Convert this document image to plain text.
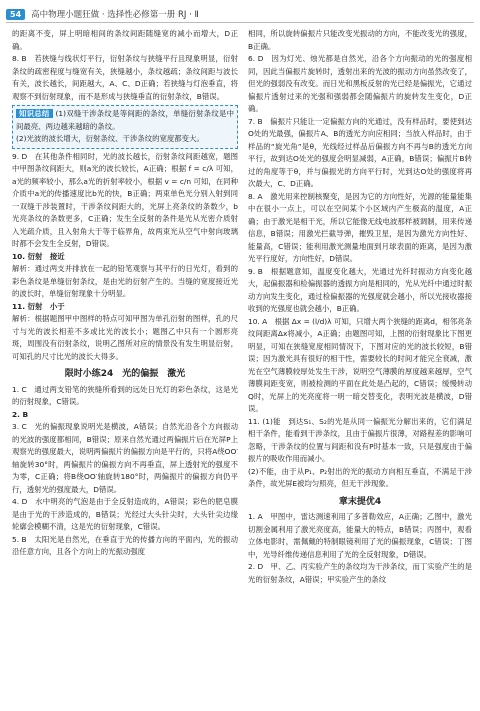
54	高中物理小题狂做 · 选择性必修第一册 RJ · Ⅱ

的距离不变，屏上明暗相间的条纹间距随缝宽的减小而增大，D正确。

8. B　若狭缝与线状灯平行，衍射条纹与狭缝平行且现象明显，衍射条纹的疏密程度与缝宽有关，狭缝越小，条纹越疏；条纹间距与波长有关，波长越长，间距越大，A、C、D正确；若狭缝与灯泡垂直，将观察不到衍射现象，而不是形成与狭缝垂直的衍射条纹，B错误。

知识总结 (1)双缝干涉条纹是等间距的条纹，单缝衍射条纹是中间最亮、两边越来越暗的条纹。
(2)光波的波长增大，衍射条纹、干涉条纹的宽度都变大。

9. D　在其他条件相同时，光的波长越长，衍射条纹间距越宽，题图中甲图条纹间距大，则a光的波长较长，A正确；根据 f = c/λ 可知，a光的频率较小，那么a光的折射率较小，根据 v = c/n 可知，在同种介质中a光的传播速度比b光的快，B正确；两束单色光分别入射到同一双缝干涉装置时，干涉条纹间距大的，光屏上亮条纹的条数少，b光亮条纹的条数更多，C正确；发生全反射的条件是光从光密介质射入光疏介质，且入射角大于等于临界角，故两束光从空气中射向玻璃时都不会发生全反射，D错误。

10. 衍射　接近

解析：通过两支并排放在一起的铅笔观察与其平行的日光灯，看到的彩色条纹是单缝衍射条纹，是由光的衍射产生的。当缝的宽度接近光的波长时，单缝衍射现象十分明显。

11. 衍射　小于

解析：根据题图甲中图样的特点可知甲图为单孔衍射的图样，孔的尺寸与光的波长相差不多或比光的波长小；题图乙中只有一个圆形亮斑，周围没有衍射条纹，说明乙图所对应的情景没有发生明显衍射，可知孔的尺寸比光的波长大得多。

限时小练24　光的偏振　激光

1. C　通过两支铅笔的狭缝所看到的远处日光灯的彩色条纹，这是光的衍射现象，C错误。

2. B

3. C　光的偏振现象说明光是横波，A错误；自然光沿各个方向振动的光波的强度都相同，B错误；原来自然光通过两偏振片后在光屏P上观察光的强度最大，说明两偏振片的偏振方向是平行的，只将A绕OO′轴旋转30°时，两偏振片的偏振方向不再垂直，屏上透射光的强度不为零，C正确；将B绕OO′轴旋转180°时，两偏振片的偏振方向仍平行，透射光的强度最大，D错误。

4. D　水中明亮的气泡是由于全反射造成的，A错误；彩色的肥皂膜是由于光的干涉造成的，B错误；光经过大头针尖时，大头针尖边缘轮廓会模糊不清，这是光的衍射现象，C错误。

5. B　太阳光是自然光，在垂直于光的传播方向的平面内，光的振动沿任意方向，且各个方向上的光振动强度

相同，所以旋转偏振片只能改变光振动的方向，不能改变光的强度，B正确。

6. D　因为灯光、烛光都是自然光，沿各个方向振动的光的强度相同，因此当偏振片旋转时，透射出来的光波的振动方向虽然改变了，但光的强弱没有改变。而日光和黑板反射的光已经是偏振光，它通过偏振片透射过来的光强和强弱都会随偏振片的旋转发生变化，D正确。

7. B　偏振片只能让一定偏振方向的光通过，没有样品时，要使到达O处的光最强，偏振片A、B的透光方向应相同；当放入样品时，由于样品的“旋光角”是θ，光线经过样品后偏振方向不再与B的透光方向平行，故到达O处光的强度会明显减弱，A正确，B错误；偏振片B转过的角度等于θ，并与偏振光的方向平行时，光到达O处的强度将再次最大，C、D正确。

8. A　激光用来控制核聚变，是因为它的方向性好，光源的能量能集中在很小一点上，可以在空间某个小区域内产生极高的温度，A正确；由于激光是相干光，所以它能像无线电波那样被调制，用来传递信息，B错误；用激光拦截导弹，摧毁卫星，是因为激光方向性好、能量高，C错误；能利用激光测量地面到月球表面的距离，是因为激光平行度好，方向性好，D错误。

9. B　根据题意知，温度变化越大，光通过光纤时振动方向变化越大，起偏振器和检偏振器的透振方向是相同的，光从光纤中通过时振动方向发生变化，通过检偏振器的光强度就会越小，所以光接收器接收到的光强度也就会越小，B正确。

10. A　根据 Δx = (l/d)λ 可知，只增大两个狭缝的距离d，相邻亮条纹间距离Δx将减小，A正确；由题图可知，上图的衍射现象比下图更明显，可知在狭缝宽度相同情况下，下图对应的光的波长较短，B错误；因为激光具有很好的相干性，需要较长的时间才能完全衰减，激光在空气薄膜较厚处发生干涉，说明空气薄膜的厚度越来越厚，空气薄膜间距变宽，则被检测的平面在此处是凸起的，C错误；缓慢转动Q时，光屏上的光亮度将一明一暗交替变化，表明光波是横波，D错误。

11. (1)能　到达S₁、S₂的光是从同一偏振光分解出来的，它们满足相干条件，能看到干涉条纹，且由于偏振片很薄，对路程差的影响可忽略，干涉条纹的位置与间距和没有P时基本一致，只是强度由于偏振片的吸收作用而减小。

(2)不能，由于从P₁、P₂射出的光的振动方向相互垂直，不满足干涉条件，故光屏E被均匀照亮，但无干涉现象。

章末提优4

1. A　甲图中，雷达测速利用了多普勒效应，A正确；乙图中，激光切割金属利用了激光亮度高，能量大的特点，B错误；丙图中，观看立体电影时，需佩戴的特制眼镜利用了光的偏振现象，C错误；丁图中，光导纤维传递信息利用了光的全反射现象，D错误。

2. D　甲、乙、丙实验产生的条纹均为干涉条纹，而丁实验产生的是光的衍射条纹，A错误；甲实验产生的条纹
